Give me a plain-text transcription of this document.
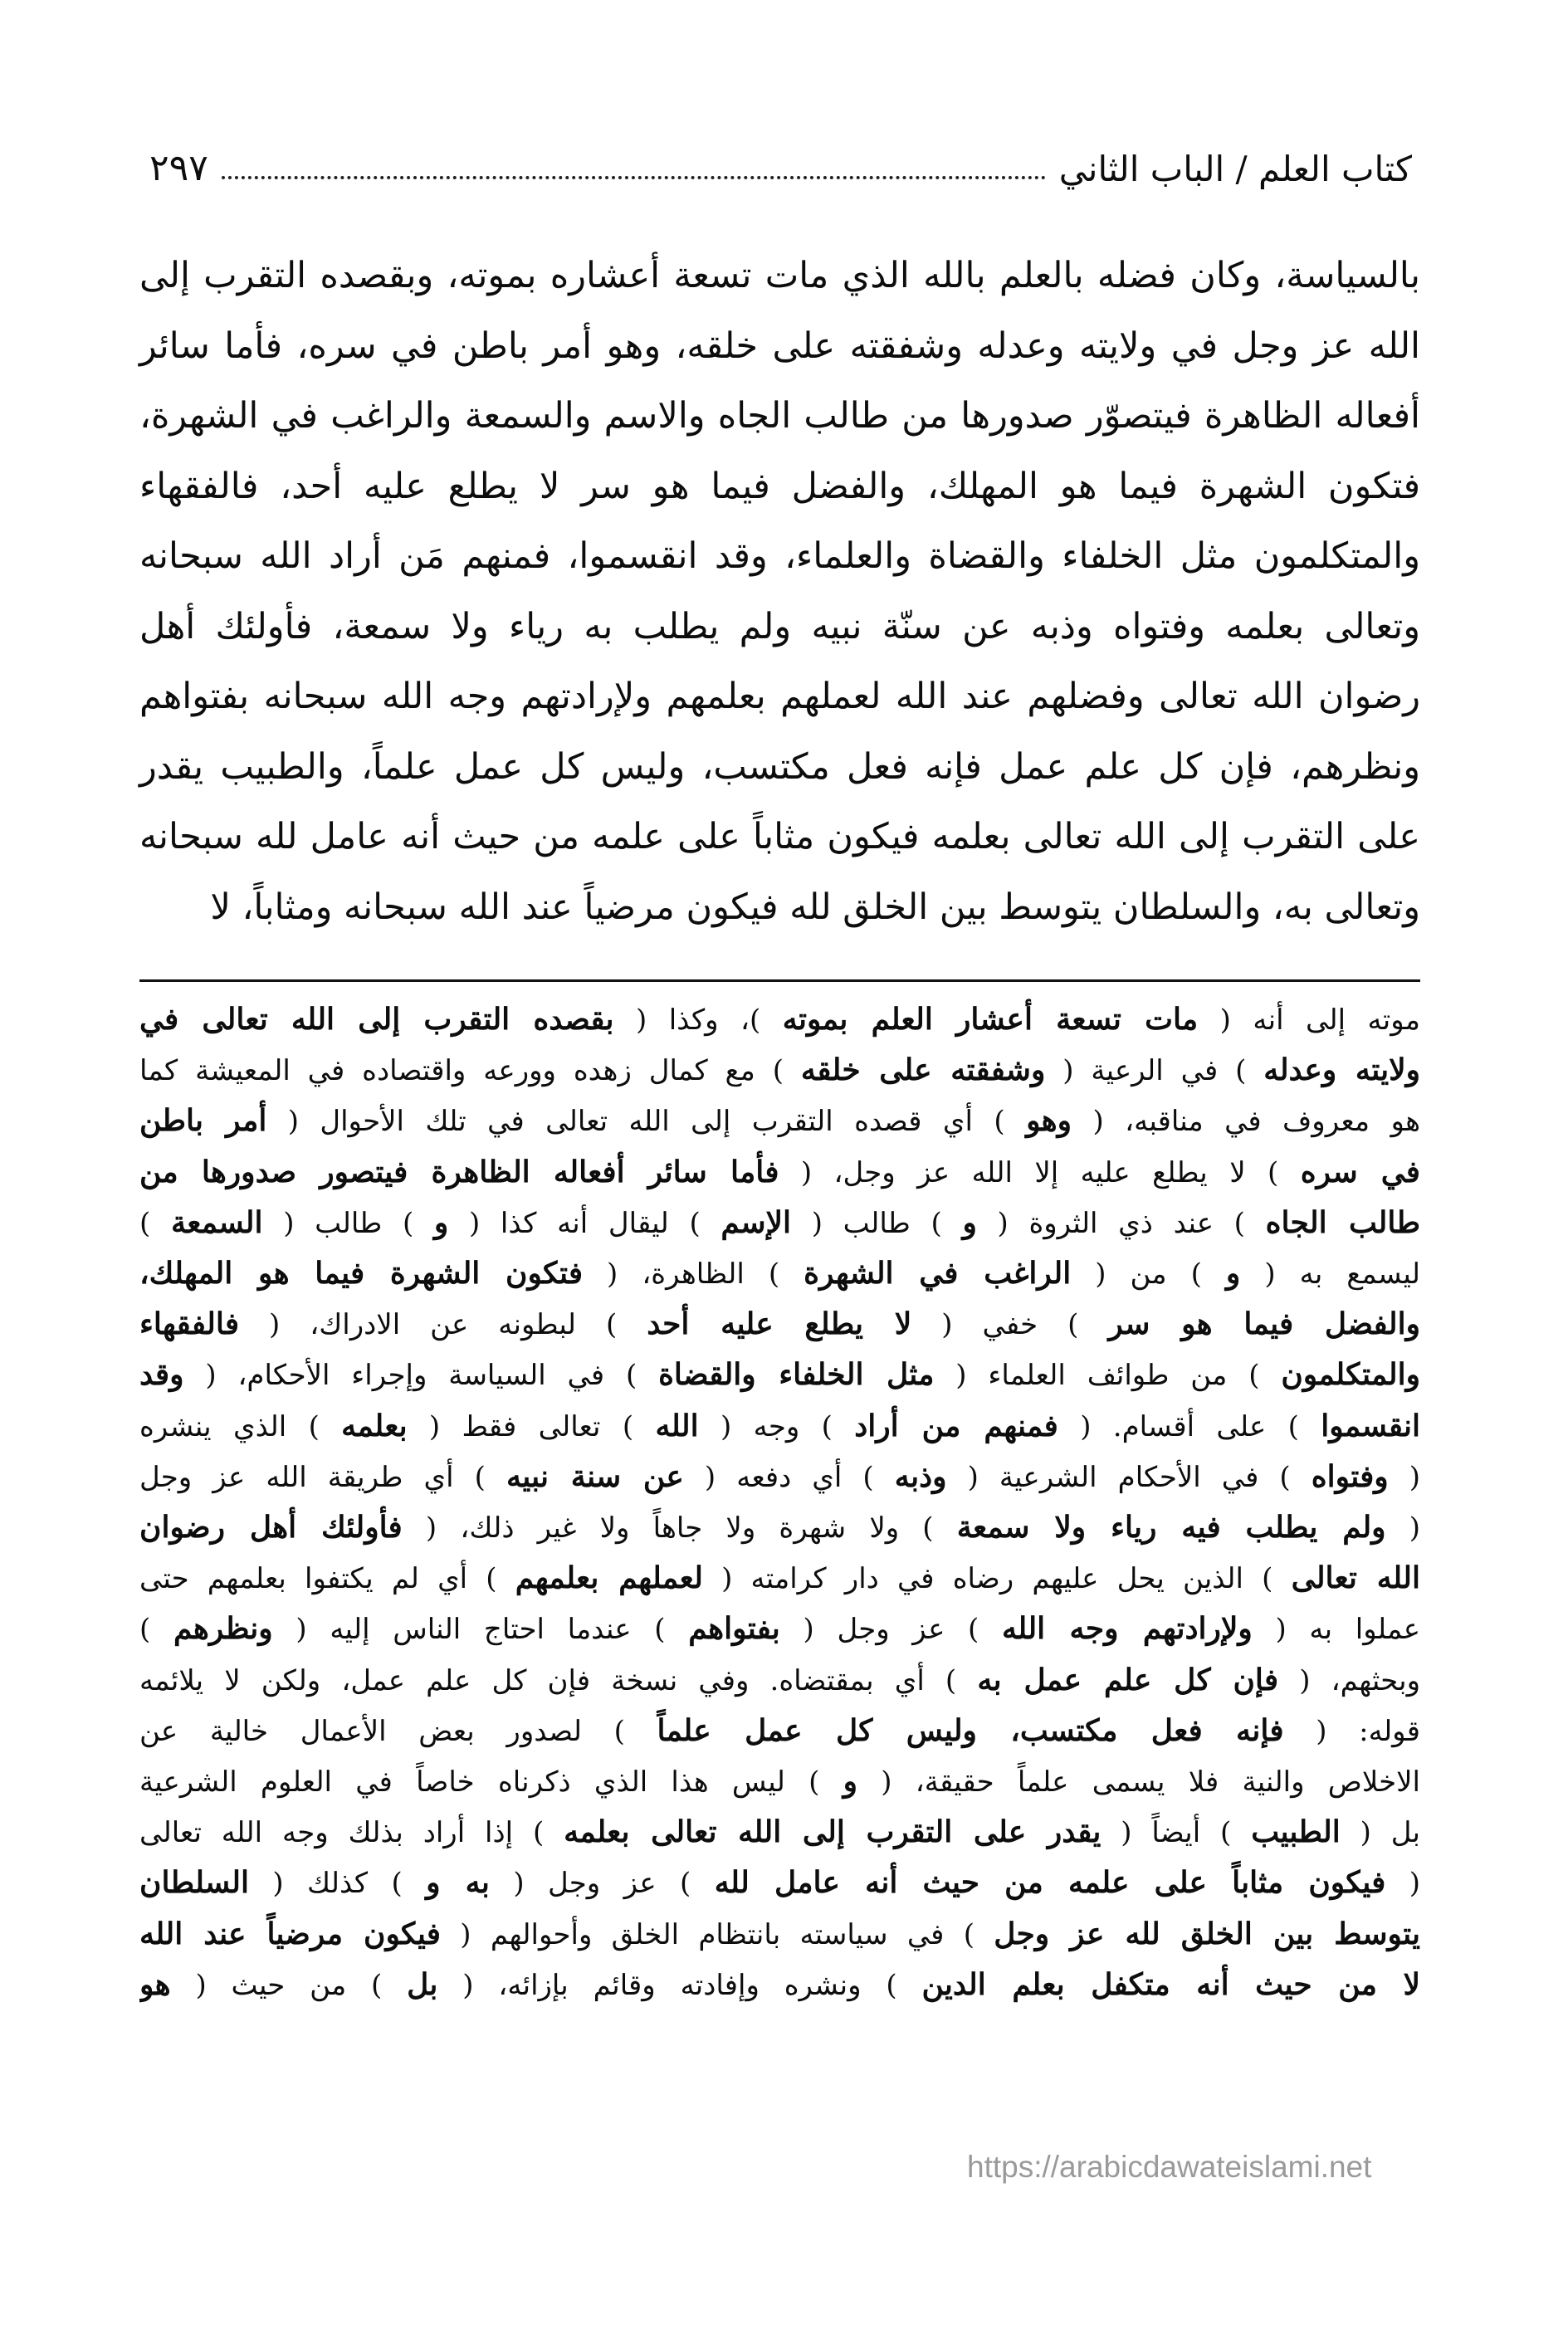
كتاب العلم / الباب الثاني
٢٩٧

بالسياسة، وكان فضله بالعلم بالله الذي مات تسعة أعشاره بموته، وبقصده التقرب إلى

الله عز وجل في ولايته وعدله وشفقته على خلقه، وهو أمر باطن في سره، فأما سائر

أفعاله الظاهرة فيتصوّر صدورها من طالب الجاه والاسم والسمعة والراغب في الشهرة،

فتكون الشهرة فيما هو المهلك، والفضل فيما هو سر لا يطلع عليه أحد، فالفقهاء

والمتكلمون مثل الخلفاء والقضاة والعلماء، وقد انقسموا، فمنهم مَن أراد الله سبحانه

وتعالى بعلمه وفتواه وذبه عن سنّة نبيه ولم يطلب به رياء ولا سمعة، فأولئك أهل

رضوان الله تعالى وفضلهم عند الله لعملهم بعلمهم ولإرادتهم وجه الله سبحانه بفتواهم

ونظرهم، فإن كل علم عمل فإنه فعل مكتسب، وليس كل عمل علماً، والطبيب يقدر

على التقرب إلى الله تعالى بعلمه فيكون مثاباً على علمه من حيث أنه عامل لله سبحانه

وتعالى به، والسلطان يتوسط بين الخلق لله فيكون مرضياً عند الله سبحانه ومثاباً، لا

موته إلى أنه ( مات تسعة أعشار العلم بموته )، وكذا ( بقصده التقرب إلى الله تعالى في
ولايته وعدله ) في الرعية ( وشفقته على خلقه ) مع كمال زهده وورعه واقتصاده في المعيشة كما
هو معروف في مناقبه، ( وهو ) أي قصده التقرب إلى الله تعالى في تلك الأحوال ( أمر باطن
في سره ) لا يطلع عليه إلا الله عز وجل، ( فأما سائر أفعاله الظاهرة فيتصور صدورها من
طالب الجاه ) عند ذي الثروة ( و ) طالب ( الإسم ) ليقال أنه كذا ( و ) طالب ( السمعة )
ليسمع به ( و ) من ( الراغب في الشهرة ) الظاهرة، ( فتكون الشهرة فيما هو المهلك،
والفضل فيما هو سر ) خفي ( لا يطلع عليه أحد ) لبطونه عن الادراك، ( فالفقهاء
والمتكلمون ) من طوائف العلماء ( مثل الخلفاء والقضاة ) في السياسة وإجراء الأحكام، ( وقد
انقسموا ) على أقسام. ( فمنهم من أراد ) وجه ( الله ) تعالى فقط ( بعلمه ) الذي ينشره
( وفتواه ) في الأحكام الشرعية ( وذبه ) أي دفعه ( عن سنة نبيه ) أي طريقة الله عز وجل
( ولم يطلب فيه رياء ولا سمعة ) ولا شهرة ولا جاهاً ولا غير ذلك، ( فأولئك أهل رضوان
الله تعالى ) الذين يحل عليهم رضاه في دار كرامته ( لعملهم بعلمهم ) أي لم يكتفوا بعلمهم حتى
عملوا به ( ولإرادتهم وجه الله ) عز وجل ( بفتواهم ) عندما احتاج الناس إليه ( ونظرهم )
وبحثهم، ( فإن كل علم عمل به ) أي بمقتضاه. وفي نسخة فإن كل علم عمل، ولكن لا يلائمه
قوله: ( فإنه فعل مكتسب، وليس كل عمل علماً ) لصدور بعض الأعمال خالية عن
الاخلاص والنية فلا يسمى علماً حقيقة، ( و ) ليس هذا الذي ذكرناه خاصاً في العلوم الشرعية
بل ( الطبيب ) أيضاً ( يقدر على التقرب إلى الله تعالى بعلمه ) إذا أراد بذلك وجه الله تعالى
( فيكون مثاباً على علمه من حيث أنه عامل لله ) عز وجل ( به و ) كذلك ( السلطان
يتوسط بين الخلق لله عز وجل ) في سياسته بانتظام الخلق وأحوالهم ( فيكون مرضياً عند الله
لا من حيث أنه متكفل بعلم الدين ) ونشره وإفادته وقائم بإزائه، ( بل ) من حيث ( هو
https://arabicdawateislami.net
